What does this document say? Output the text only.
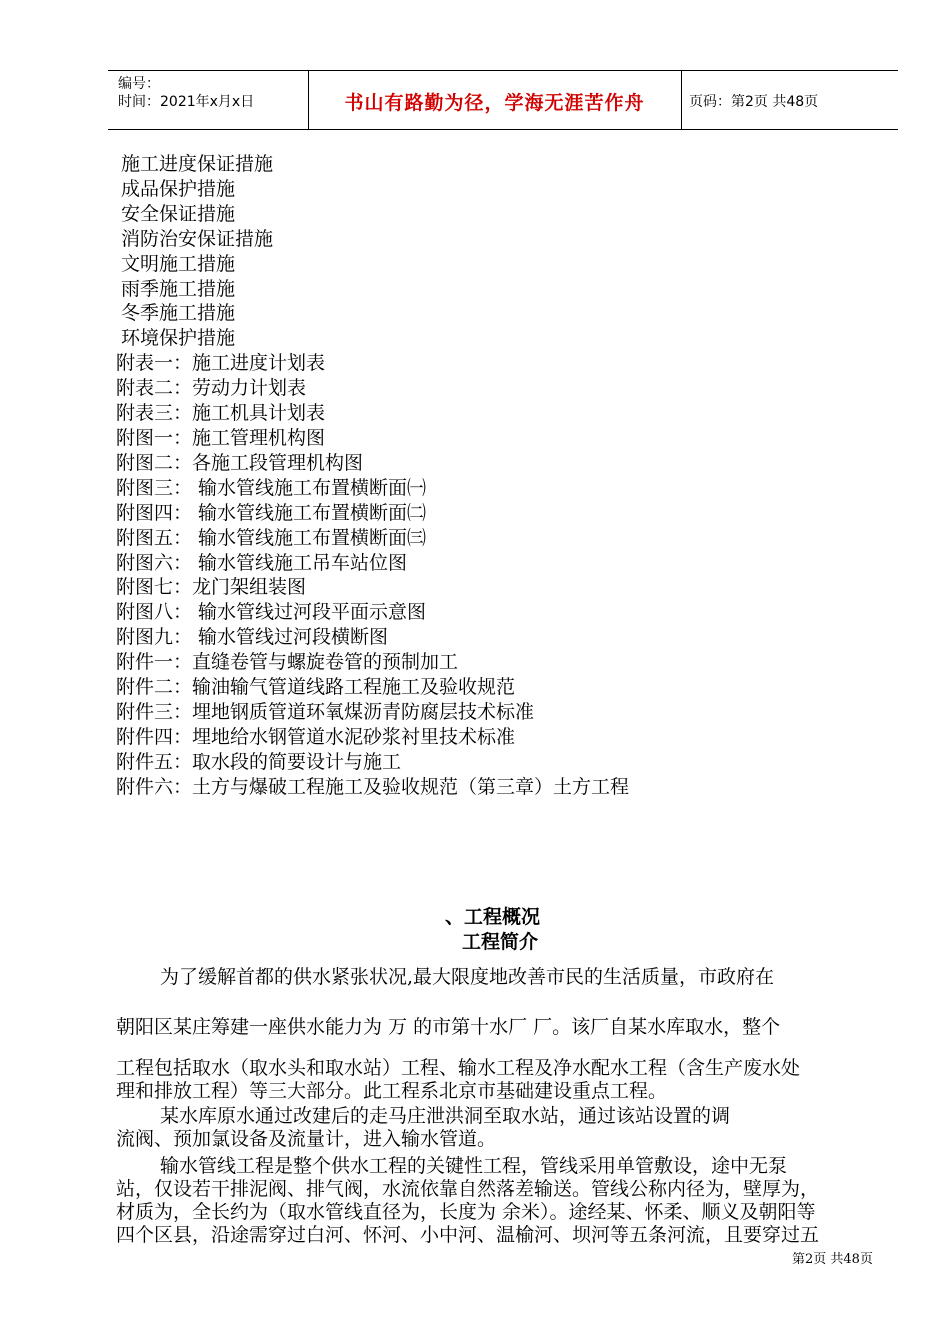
编号：
时间：2021年x月x日	书山有路勤为径，学海无涯苦作舟	页码：第2页 共48页
施工进度保证措施
成品保护措施
安全保证措施
消防治安保证措施
文明施工措施
雨季施工措施
冬季施工措施
环境保护措施
附表一：施工进度计划表
附表二：劳动力计划表
附表三：施工机具计划表
附图一：施工管理机构图
附图二：各施工段管理机构图
附图三： 输水管线施工布置横断面㈠
附图四： 输水管线施工布置横断面㈡
附图五： 输水管线施工布置横断面㈢
附图六： 输水管线施工吊车站位图
附图七：龙门架组装图
附图八： 输水管线过河段平面示意图
附图九： 输水管线过河段横断图
附件一：直缝卷管与螺旋卷管的预制加工
附件二：输油输气管道线路工程施工及验收规范
附件三：埋地钢质管道环氧煤沥青防腐层技术标准
附件四：埋地给水钢管道水泥砂浆衬里技术标准
附件五：取水段的简要设计与施工
附件六：土方与爆破工程施工及验收规范（第三章）土方工程
、工程概况
工程简介
为了缓解首都的供水紧张状况,最大限度地改善市民的生活质量，市政府在
朝阳区某庄筹建一座供水能力为 万 的市第十水厂 厂。该厂自某水库取水，整个
工程包括取水（取水头和取水站）工程、输水工程及净水配水工程（含生产废水处
理和排放工程）等三大部分。此工程系北京市基础建设重点工程。
某水库原水通过改建后的走马庄泄洪洞至取水站，通过该站设置的调
流阀、预加氯设备及流量计，进入输水管道。
输水管线工程是整个供水工程的关键性工程，管线采用单管敷设，途中无泵
站，仅设若干排泥阀、排气阀，水流依靠自然落差输送。管线公称内径为，壁厚为，
材质为，全长约为（取水管线直径为，长度为 余米）。途经某、怀柔、顺义及朝阳等
四个区县，沿途需穿过白河、怀河、小中河、温榆河、坝河等五条河流，且要穿过五
第2页 共48页
